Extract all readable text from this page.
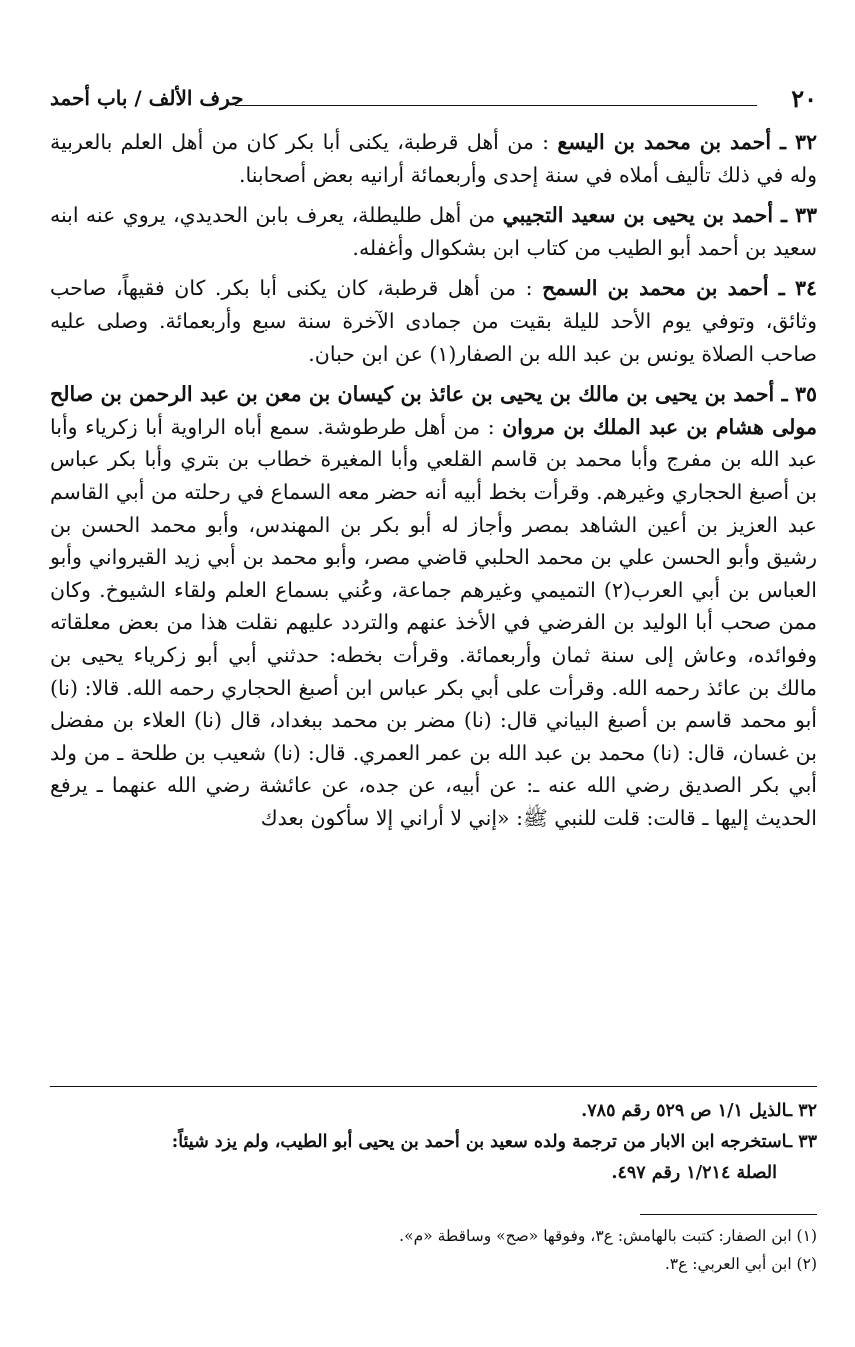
٢٠
حرف الألف / باب أحمد

٣٢ ـ أحمد بن محمد بن اليسع : من أهل قرطبة، يكنى أبا بكر كان من أهل العلم بالعربية وله في ذلك تأليف أملاه في سنة إحدى وأربعمائة أرانيه بعض أصحابنا.

٣٣ ـ أحمد بن يحيى بن سعيد التجيبي من أهل طليطلة، يعرف بابن الحديدي، يروي عنه ابنه سعيد بن أحمد أبو الطيب من كتاب ابن بشكوال وأغفله.

٣٤ ـ أحمد بن محمد بن السمح : من أهل قرطبة، كان يكنى أبا بكر. كان فقيهاً، صاحب وثائق، وتوفي يوم الأحد لليلة بقيت من جمادى الآخرة سنة سبع وأربعمائة. وصلى عليه صاحب الصلاة يونس بن عبد الله بن الصفار(١) عن ابن حبان.

٣٥ ـ أحمد بن يحيى بن مالك بن يحيى بن عائذ بن كيسان بن معن بن عبد الرحمن بن صالح مولى هشام بن عبد الملك بن مروان : من أهل طرطوشة. سمع أباه الراوية أبا زكرياء وأبا عبد الله بن مفرج وأبا محمد بن قاسم القلعي وأبا المغيرة خطاب بن بتري وأبا بكر عباس بن أصبغ الحجاري وغيرهم. وقرأت بخط أبيه أنه حضر معه السماع في رحلته من أبي القاسم عبد العزيز بن أعين الشاهد بمصر وأجاز له أبو بكر بن المهندس، وأبو محمد الحسن بن رشيق وأبو الحسن علي بن محمد الحلبي قاضي مصر، وأبو محمد بن أبي زيد القيرواني وأبو العباس بن أبي العرب(٢) التميمي وغيرهم جماعة، وعُني بسماع العلم ولقاء الشيوخ. وكان ممن صحب أبا الوليد بن الفرضي في الأخذ عنهم والتردد عليهم نقلت هذا من بعض معلقاته وفوائده، وعاش إلى سنة ثمان وأربعمائة. وقرأت بخطه: حدثني أبي أبو زكرياء يحيى بن مالك بن عائذ رحمه الله. وقرأت على أبي بكر عباس ابن أصبغ الحجاري رحمه الله. قالا: (نا) أبو محمد قاسم بن أصبغ البياني قال: (نا) مضر بن محمد ببغداد، قال (نا) العلاء بن مفضل بن غسان، قال: (نا) محمد بن عبد الله بن عمر العمري. قال: (نا) شعيب بن طلحة ـ من ولد أبي بكر الصديق رضي الله عنه ـ: عن أبيه، عن جده، عن عائشة رضي الله عنهما ـ يرفع الحديث إليها ـ قالت: قلت للنبي ﷺ: «إني لا أراني إلا سأكون بعدك

٣٢ ـالذيل ١/١ ص ٥٢٩ رقم ٧٨٥.

٣٣ ـاستخرجه ابن الابار من ترجمة ولده سعيد بن أحمد بن يحيى أبو الطيب، ولم يزد شيئاً:

الصلة ١/٢١٤ رقم ٤٩٧.

(١) ابن الصفار: كتبت بالهامش: ع٣، وفوقها «صح» وساقطة «م».

(٢) ابن أبي العربي: ع٣.
